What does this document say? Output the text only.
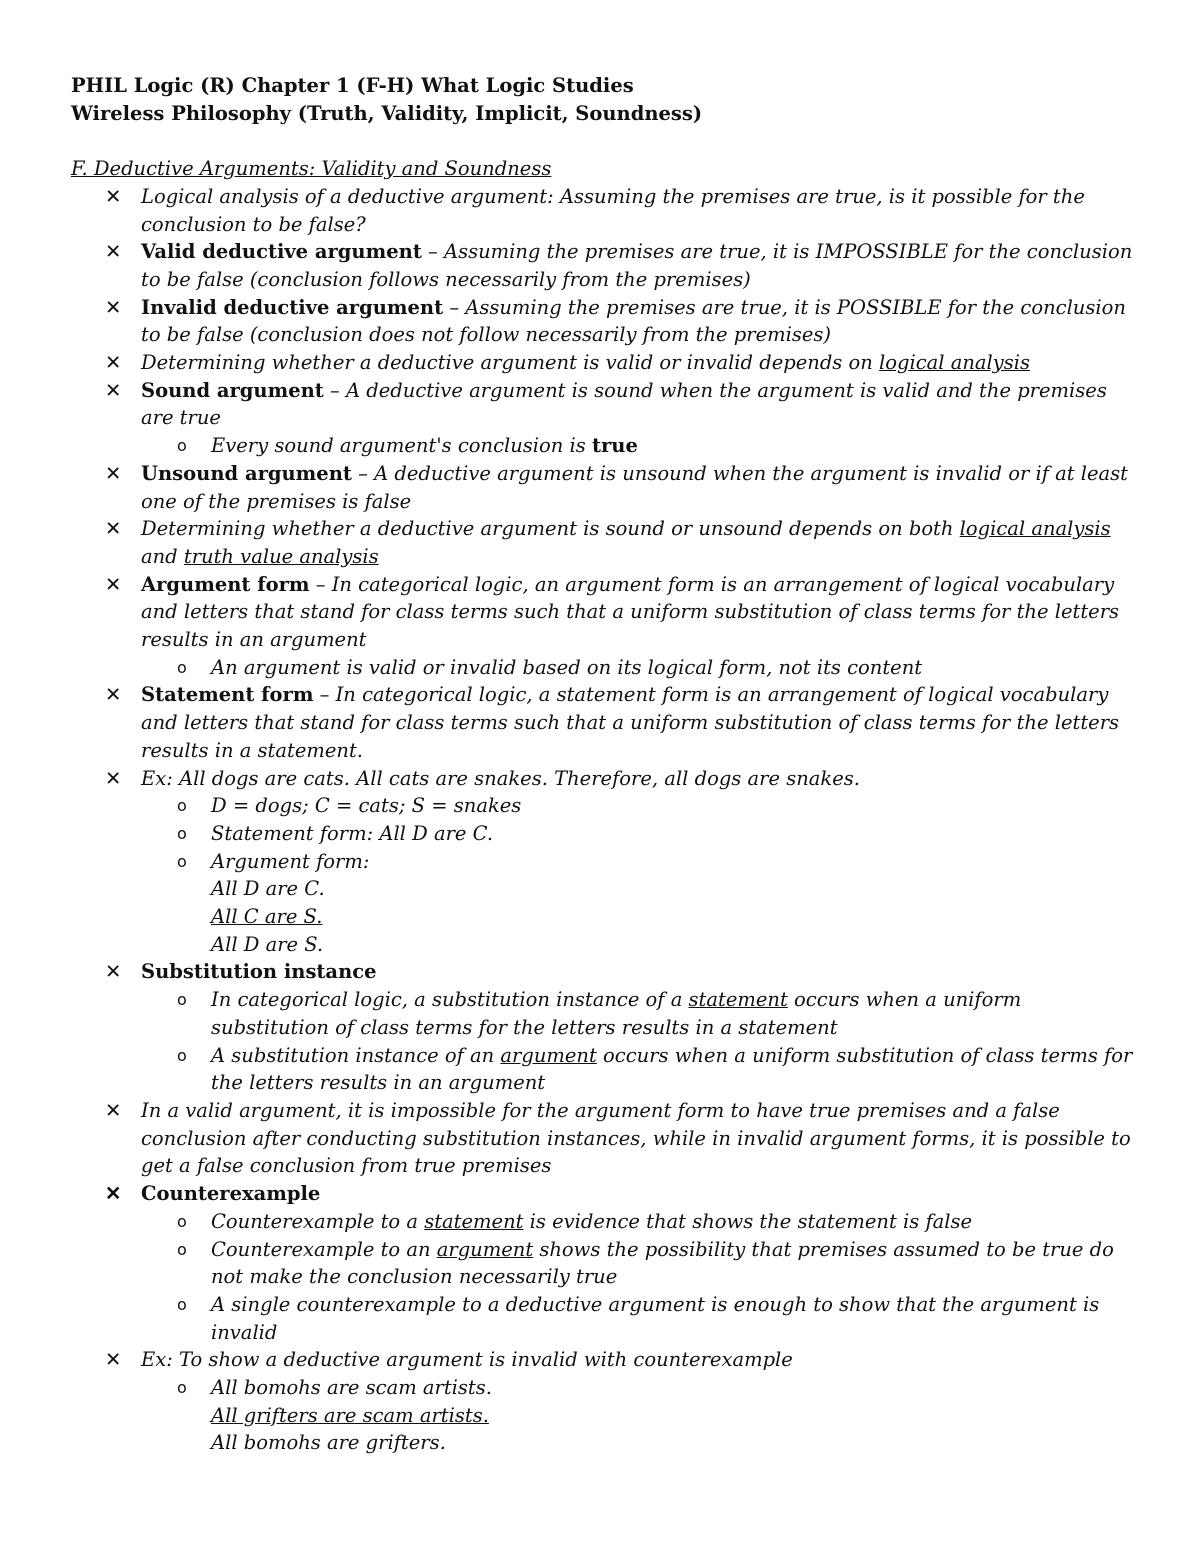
PHIL Logic (R) Chapter 1 (F-H) What Logic Studies
Wireless Philosophy (Truth, Validity, Implicit, Soundness)
F. Deductive Arguments: Validity and Soundness
✕ Logical analysis of a deductive argument: Assuming the premises are true, is it possible for the conclusion to be false?
✕ Valid deductive argument – Assuming the premises are true, it is IMPOSSIBLE for the conclusion to be false (conclusion follows necessarily from the premises)
✕ Invalid deductive argument – Assuming the premises are true, it is POSSIBLE for the conclusion to be false (conclusion does not follow necessarily from the premises)
✕ Determining whether a deductive argument is valid or invalid depends on logical analysis
✕ Sound argument – A deductive argument is sound when the argument is valid and the premises are true
o Every sound argument's conclusion is true
✕ Unsound argument – A deductive argument is unsound when the argument is invalid or if at least one of the premises is false
✕ Determining whether a deductive argument is sound or unsound depends on both logical analysis and truth value analysis
✕ Argument form – In categorical logic, an argument form is an arrangement of logical vocabulary and letters that stand for class terms such that a uniform substitution of class terms for the letters results in an argument
o An argument is valid or invalid based on its logical form, not its content
✕ Statement form – In categorical logic, a statement form is an arrangement of logical vocabulary and letters that stand for class terms such that a uniform substitution of class terms for the letters results in a statement.
✕ Ex: All dogs are cats. All cats are snakes. Therefore, all dogs are snakes.
o D = dogs; C = cats; S = snakes
o Statement form: All D are C.
o Argument form:
All D are C.
All C are S.
All D are S.
✕ Substitution instance
o In categorical logic, a substitution instance of a statement occurs when a uniform substitution of class terms for the letters results in a statement
o A substitution instance of an argument occurs when a uniform substitution of class terms for the letters results in an argument
✕ In a valid argument, it is impossible for the argument form to have true premises and a false conclusion after conducting substitution instances, while in invalid argument forms, it is possible to get a false conclusion from true premises
✕ Counterexample
o Counterexample to a statement is evidence that shows the statement is false
o Counterexample to an argument shows the possibility that premises assumed to be true do not make the conclusion necessarily true
o A single counterexample to a deductive argument is enough to show that the argument is invalid
✕ Ex: To show a deductive argument is invalid with counterexample
o All bomohs are scam artists.
All grifters are scam artists.
All bomohs are grifters.
